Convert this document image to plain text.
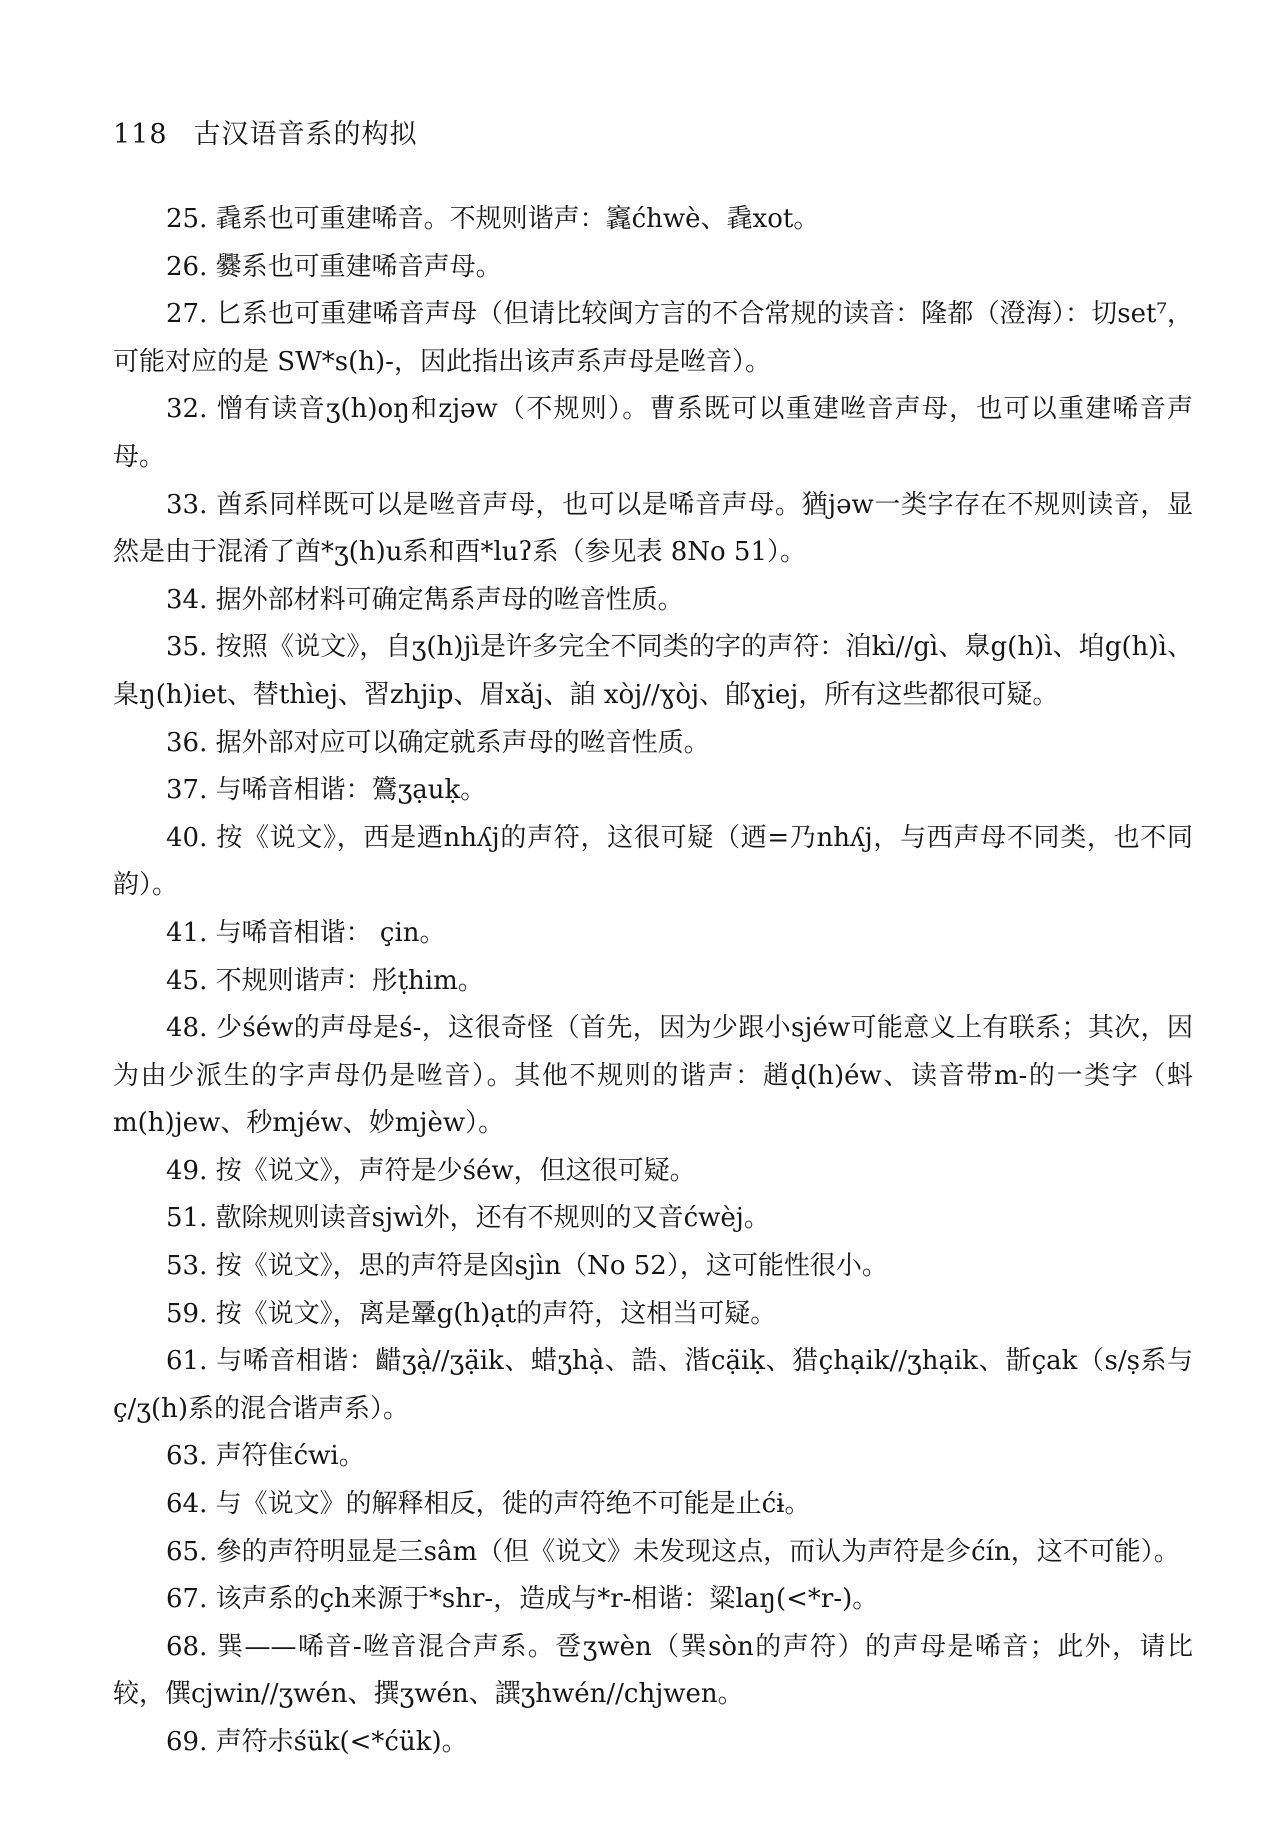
118 古汉语音系的构拟

25. 毳系也可重建唏音。不规则谐声：竁ćhwè、毳xot。

26. 爨系也可重建唏音声母。

27. 匕系也可重建唏音声母（但请比较闽方言的不合常规的读音：隆都（澄海）：切set⁷，可能对应的是 SW*s(h)-，因此指出该声系声母是咝音）。

32. 憎有读音ʒ(h)oŋ和zjəw（不规则）。曹系既可以重建咝音声母，也可以重建唏音声母。

33. 酋系同样既可以是咝音声母，也可以是唏音声母。猶jəw一类字存在不规则读音，显然是由于混淆了酋*ʒ(h)u系和酉*luʔ系（参见表 8No 51）。

34. 据外部材料可确定雋系声母的咝音性质。

35. 按照《说文》，自ʒ(h)jì是许多完全不同类的字的声符：洎kì//gì、臮g(h)ì、垍g(h)ì、臬ŋ(h)iet、替thìej、習zhjip、眉xǎj、詯 xòj//ɣòj、郋ɣiej，所有这些都很可疑。

36. 据外部对应可以确定就系声母的咝音性质。

37. 与唏音相谐：鷟ʒạuḳ。

40. 按《说文》，西是迺nhʎj的声符，这很可疑（迺=乃nhʎj，与西声母不同类，也不同韵）。

41. 与唏音相谐： çin。

45. 不规则谐声：彤ṭhim。

48. 少śéw的声母是ś-，这很奇怪（首先，因为少跟小sjéw可能意义上有联系；其次，因为由少派生的字声母仍是咝音）。其他不规则的谐声：趙ḍ(h)éw、读音带m-的一类字（蚪 m(h)jew、秒mjéw、妙mjèw）。

49. 按《说文》，声符是少śéw，但这很可疑。

51. 歖除规则读音sjwì外，还有不规则的又音ćwèj。

53. 按《说文》，思的声符是囟sjìn（No 52），这可能性很小。

59. 按《说文》，离是鞷g(h)ạt的声符，这相当可疑。

61. 与唏音相谐：齰ʒạ̀//ʒạ̈ik、蜡ʒhạ̀、誥、湝cạ̈iḳ、猎çhạik//ʒhạik、斮çak（s/ṣ系与ç/ʒ(h)系的混合谐声系）。

63. 声符隹ćwi。

64. 与《说文》的解释相反，徙的声符绝不可能是止ćɨ。

65. 參的声符明显是三sâm（但《说文》未发现这点，而认为声符是㐱ćín，这不可能）。

67. 该声系的çh来源于*shr-，造成与*r-相谐：粱laŋ(<*r-)。

68. 巽——唏音-咝音混合声系。卺ʒwèn（巽sòn的声符）的声母是唏音；此外，请比较，僎cjwin//ʒwén、撰ʒwén、譔ʒhwén//chjwen。

69. 声符尗śük(<*ćük)。
